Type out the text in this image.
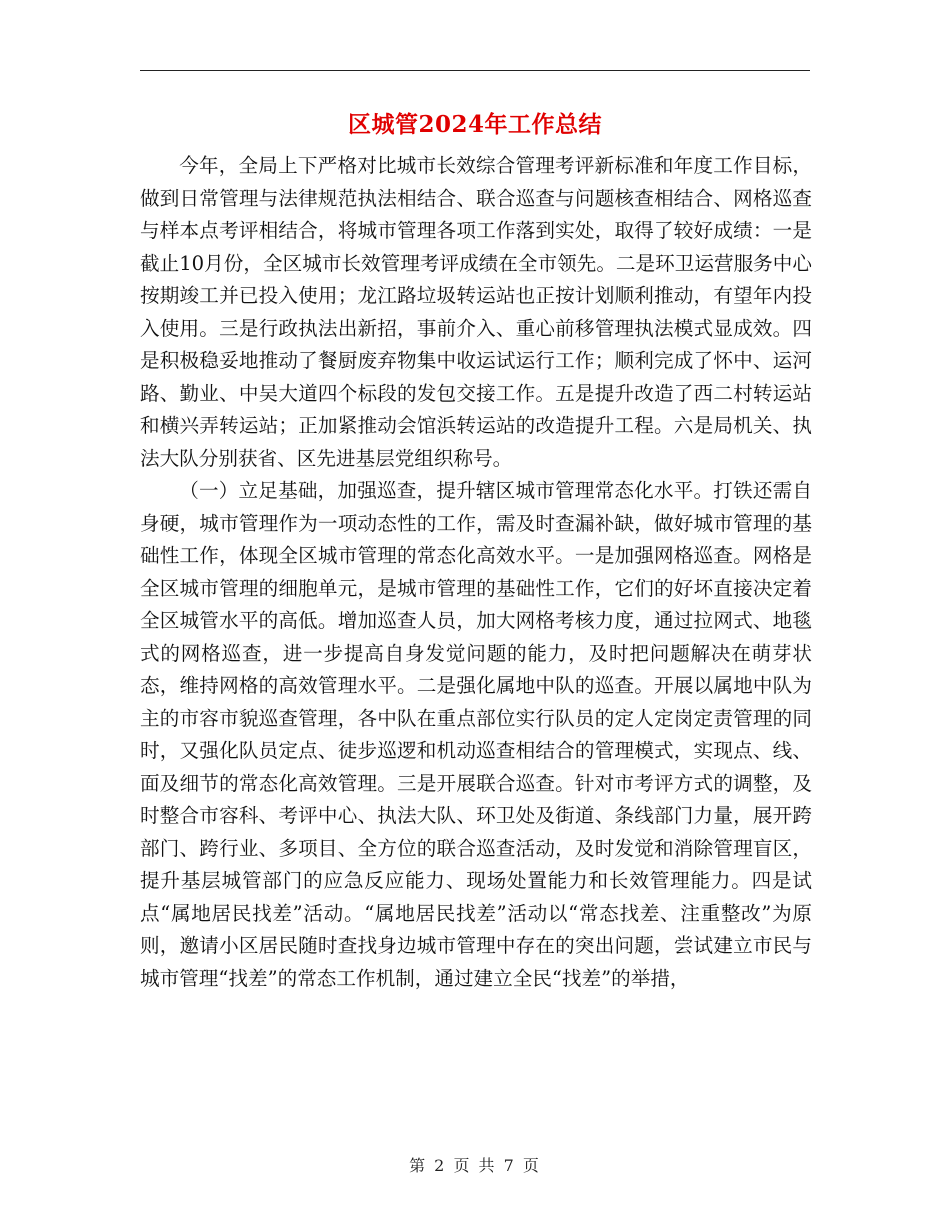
区城管2024年工作总结

今年，全局上下严格对比城市长效综合管理考评新标准和年度工作目标，做到日常管理与法律规范执法相结合、联合巡查与问题核查相结合、网格巡查与样本点考评相结合，将城市管理各项工作落到实处，取得了较好成绩：一是截止10月份，全区城市长效管理考评成绩在全市领先。二是环卫运营服务中心按期竣工并已投入使用；龙江路垃圾转运站也正按计划顺利推动，有望年内投入使用。三是行政执法出新招，事前介入、重心前移管理执法模式显成效。四是积极稳妥地推动了餐厨废弃物集中收运试运行工作；顺利完成了怀中、运河路、勤业、中吴大道四个标段的发包交接工作。五是提升改造了西二村转运站和横兴弄转运站；正加紧推动会馆浜转运站的改造提升工程。六是局机关、执法大队分别获省、区先进基层党组织称号。

（一）立足基础，加强巡查，提升辖区城市管理常态化水平。打铁还需自身硬，城市管理作为一项动态性的工作，需及时查漏补缺，做好城市管理的基础性工作，体现全区城市管理的常态化高效水平。一是加强网格巡查。网格是全区城市管理的细胞单元，是城市管理的基础性工作，它们的好坏直接决定着全区城管水平的高低。增加巡查人员，加大网格考核力度，通过拉网式、地毯式的网格巡查，进一步提高自身发觉问题的能力，及时把问题解决在萌芽状态，维持网格的高效管理水平。二是强化属地中队的巡查。开展以属地中队为主的市容市貌巡查管理，各中队在重点部位实行队员的定人定岗定责管理的同时，又强化队员定点、徒步巡逻和机动巡查相结合的管理模式，实现点、线、面及细节的常态化高效管理。三是开展联合巡查。针对市考评方式的调整，及时整合市容科、考评中心、执法大队、环卫处及街道、条线部门力量，展开跨部门、跨行业、多项目、全方位的联合巡查活动，及时发觉和消除管理盲区，提升基层城管部门的应急反应能力、现场处置能力和长效管理能力。四是试点“属地居民找差”活动。“属地居民找差”活动以“常态找差、注重整改”为原则，邀请小区居民随时查找身边城市管理中存在的突出问题，尝试建立市民与城市管理“找差”的常态工作机制，通过建立全民“找差”的举措，

第 2 页 共 7 页
